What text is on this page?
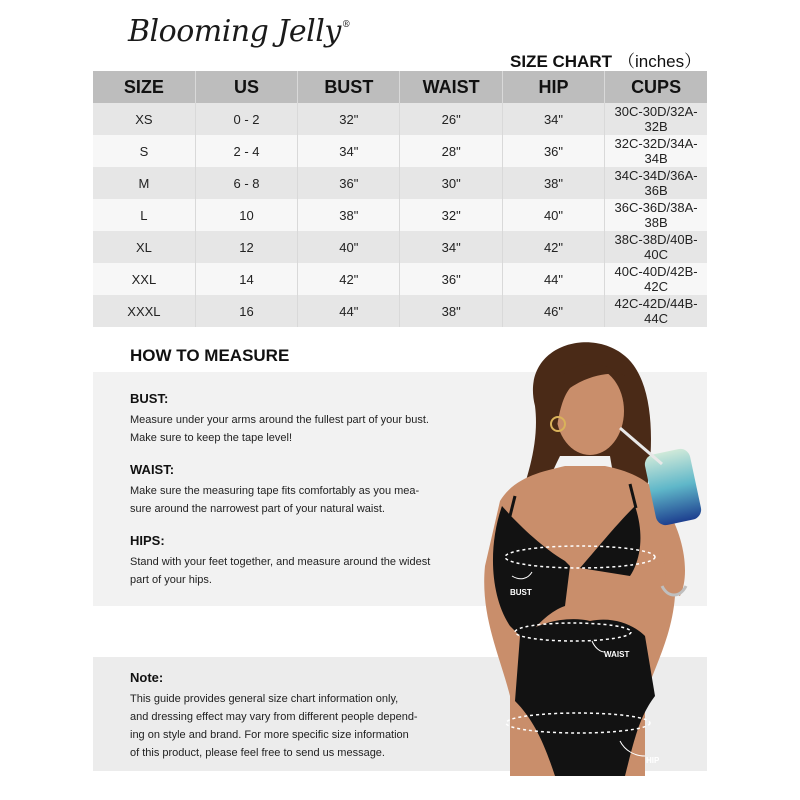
Blooming Jelly®
SIZE CHART （inches）
SIZE	US	BUST	WAIST	HIP	CUPS
XS	0 - 2	32"	26"	34"	30C-30D/32A-32B
S	2 - 4	34"	28"	36"	32C-32D/34A-34B
M	6 - 8	36"	30"	38"	34C-34D/36A-36B
L	10	38"	32"	40"	36C-36D/38A-38B
XL	12	40"	34"	42"	38C-38D/40B-40C
XXL	14	42"	36"	44"	40C-40D/42B-42C
XXXL	16	44"	38"	46"	42C-42D/44B-44C
HOW TO MEASURE
BUST:
Measure under your arms around the fullest part of your bust.
Make sure to keep the tape level!
WAIST:
Make sure the measuring tape fits comfortably as you mea-
sure around the narrowest part of your natural waist.
HIPS:
Stand with your feet together, and measure around the widest
part of your hips.
Note:
This guide provides general size chart information only,
and dressing effect may vary from different people depend-
ing on style and brand. For more specific size information
of this product, please feel free to send us message.
BUST
WAIST
HIP
